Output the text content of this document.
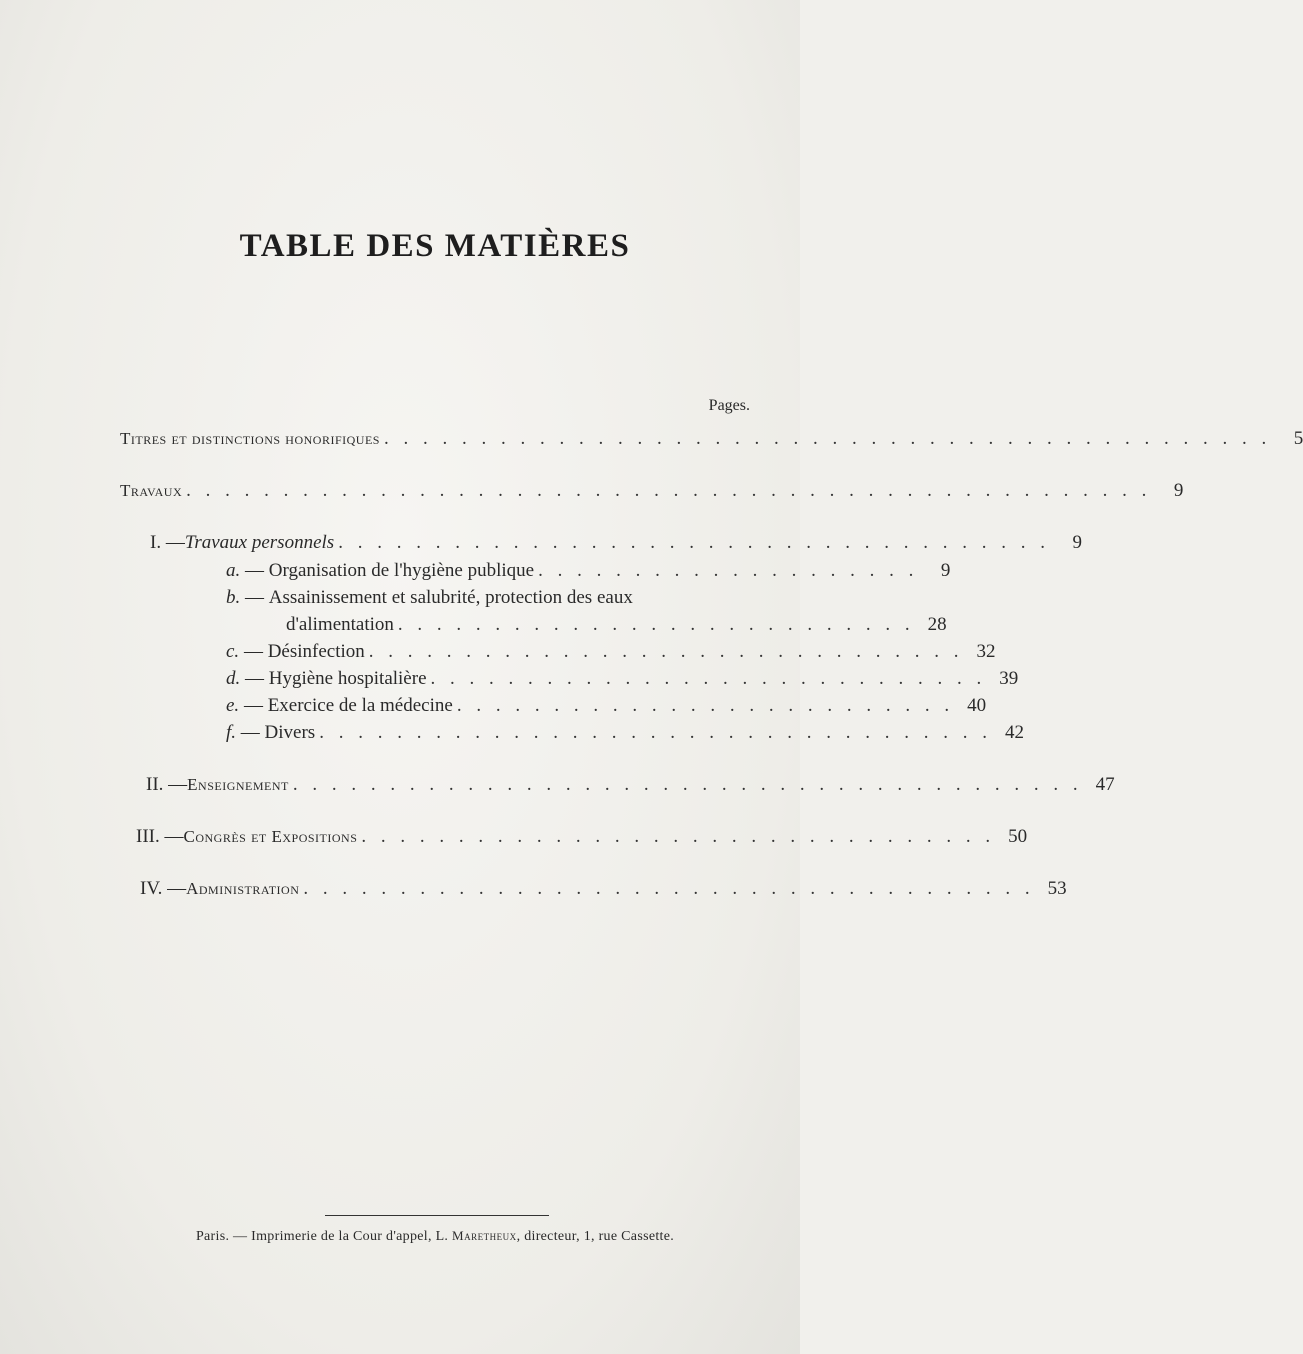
TABLE DES MATIÈRES
Pages.
Titres et distinctions honorifiques . . . . . . . . . . . . . . . . . . . . . . . . . . . . . . . . . . . . . . . . . . . . . .	5
Travaux . . . . . . . . . . . . . . . . . . . . . . . . . . . . . . . . . . . . . . . . . . . . . . . . . .	9
I. — Travaux personnels . . . . . . . . . . . . . . . . . . . . . . . . . . . . . . . . . . . . .	9
a. — Organisation de l'hygiène publique . . . . . . . . . . . . . . . . . . . .	9
b. — Assainissement et salubrité, protection des eaux
d'alimentation . . . . . . . . . . . . . . . . . . . . . . . . . . . 28
c. — Désinfection . . . . . . . . . . . . . . . . . . . . . . . . . . . . . . . 32
d. — Hygiène hospitalière . . . . . . . . . . . . . . . . . . . . . . . . . . . . . 39
e. — Exercice de la médecine . . . . . . . . . . . . . . . . . . . . . . . . . . 40
f. — Divers . . . . . . . . . . . . . . . . . . . . . . . . . . . . . . . . . . . 42
II. — Enseignement . . . . . . . . . . . . . . . . . . . . . . . . . . . . . . . . . . . . . . . . . 47
III. — Congrès et Expositions . . . . . . . . . . . . . . . . . . . . . . . . . . . . . . . . . 50
IV. — Administration . . . . . . . . . . . . . . . . . . . . . . . . . . . . . . . . . . . . . . 53
Paris. — Imprimerie de la Cour d'appel, L. Maretheux, directeur, 1, rue Cassette.
